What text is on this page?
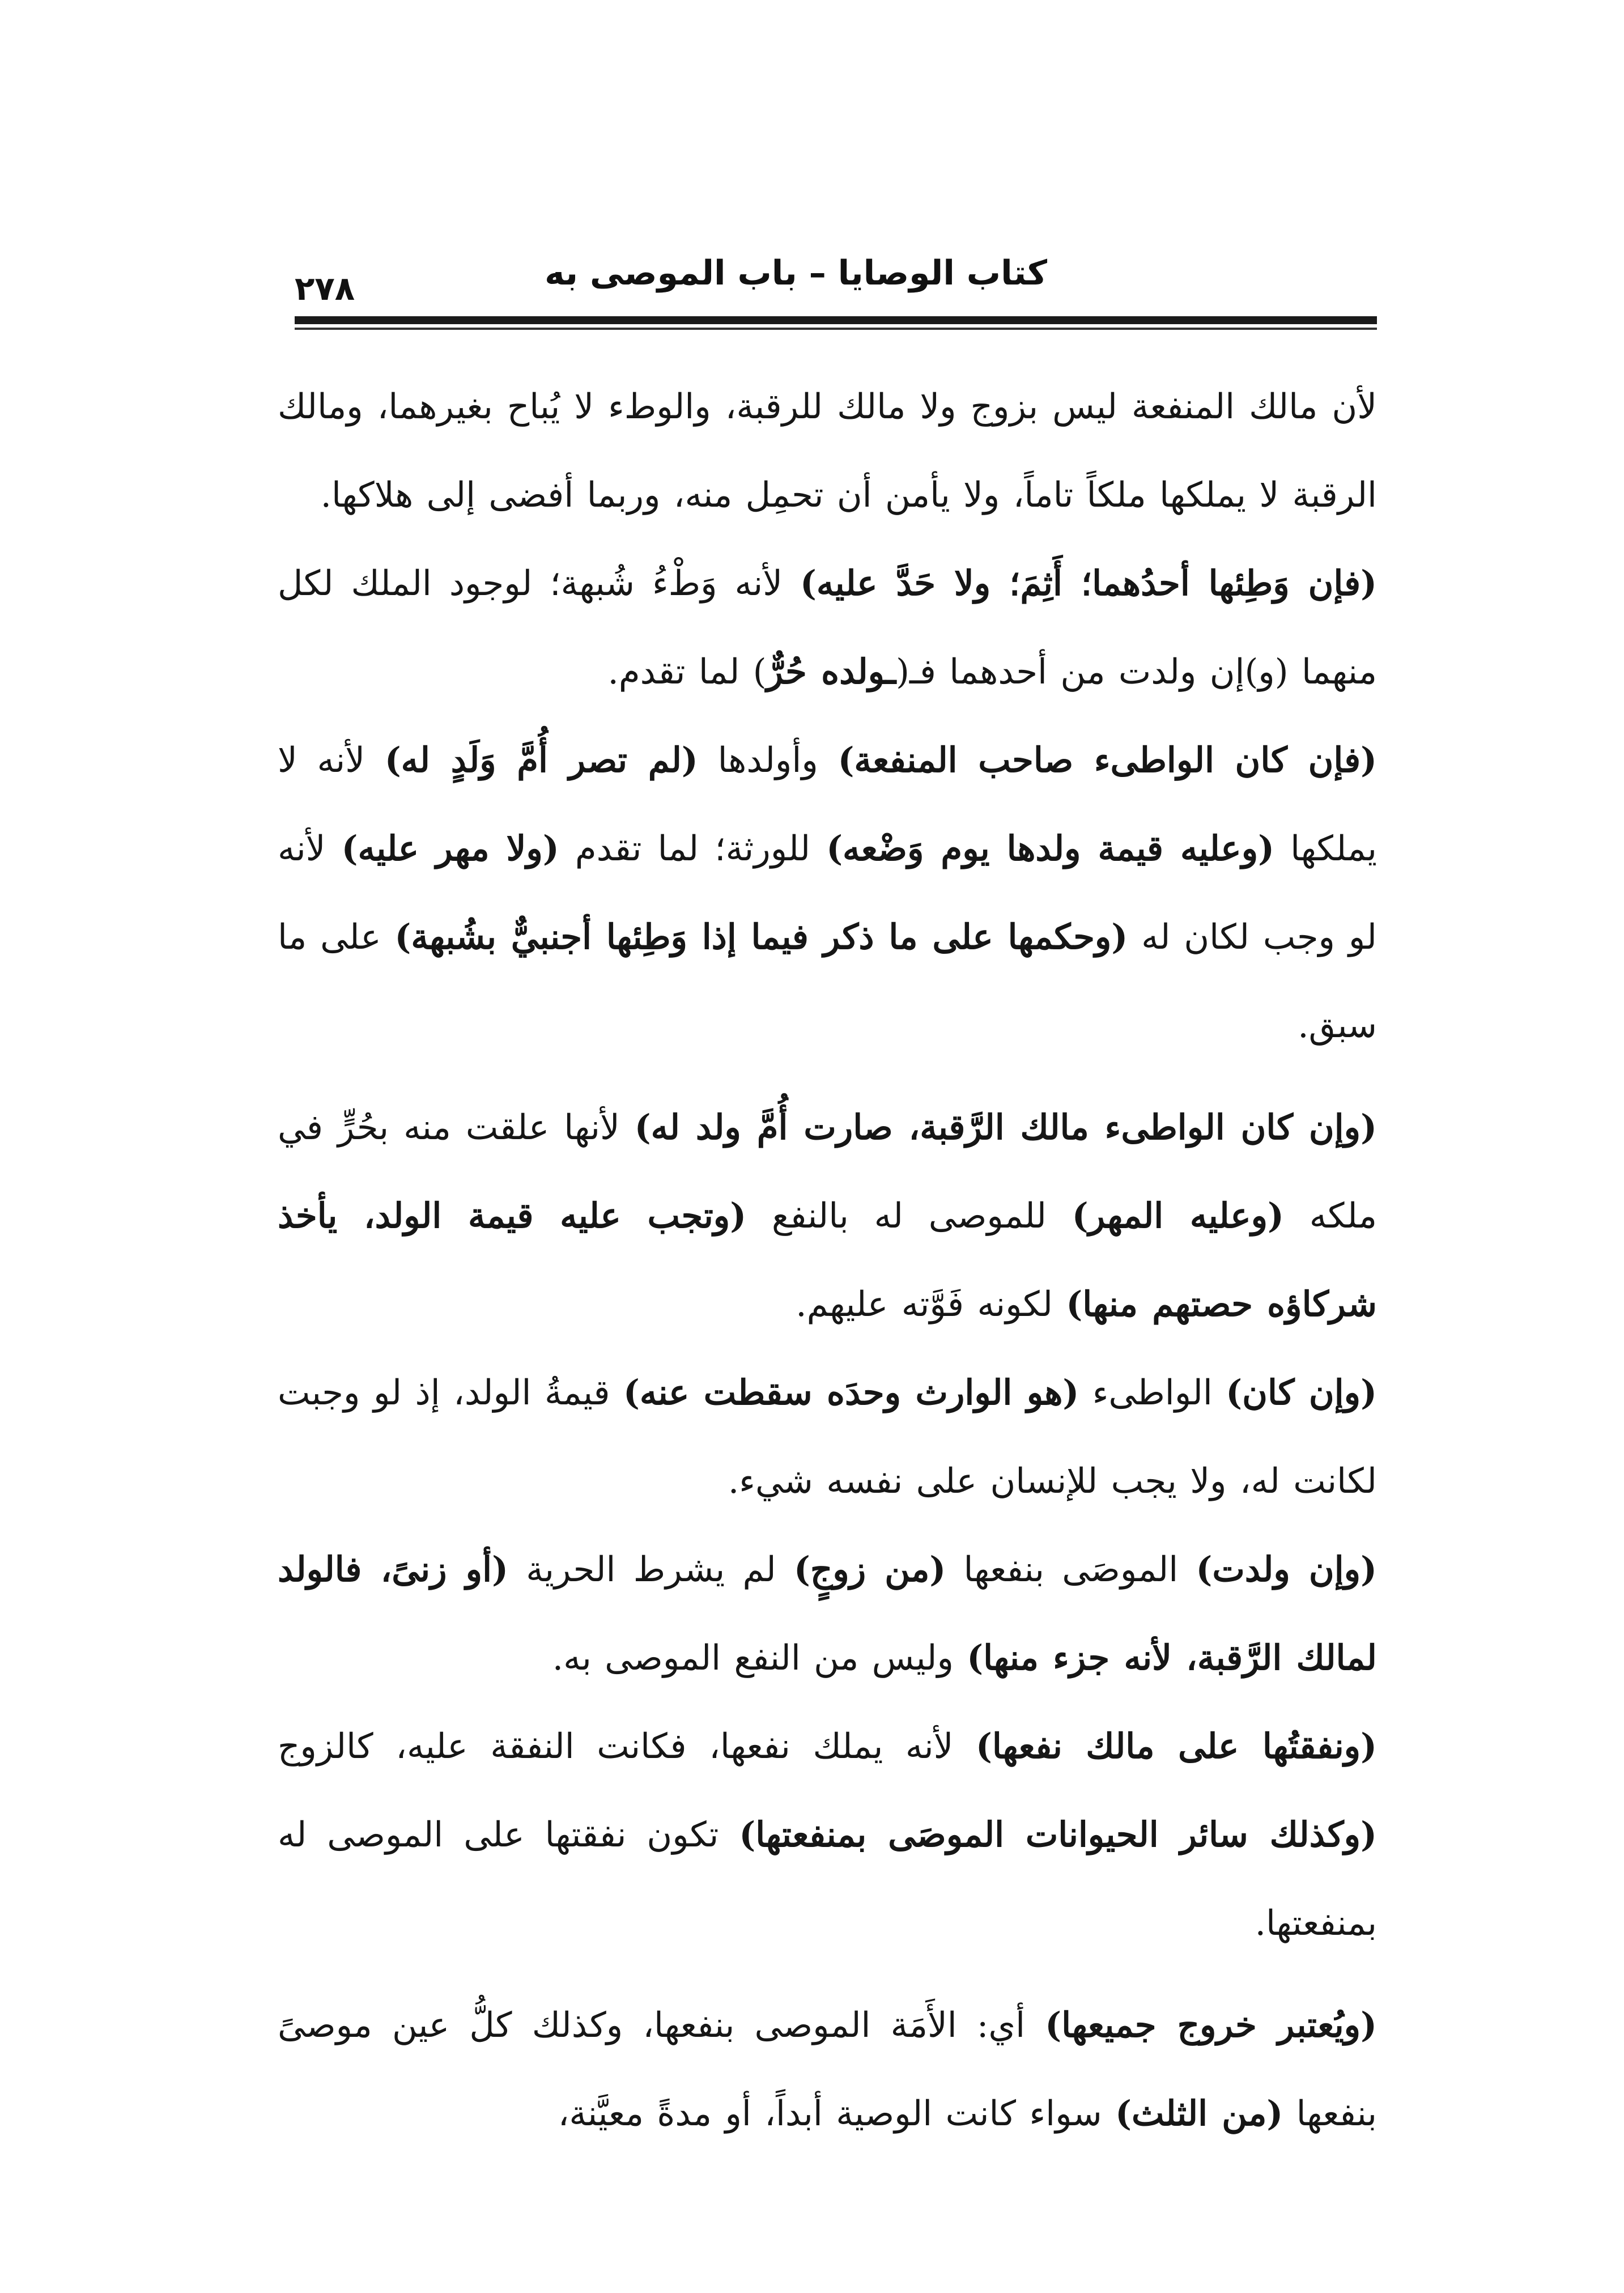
كتاب الوصايا – باب الموصى به
٢٧٨

لأن مالك المنفعة ليس بزوج ولا مالك للرقبة، والوطء لا يُباح بغيرهما، ومالك الرقبة لا يملكها ملكاً تاماً، ولا يأمن أن تحمِل منه، وربما أفضى إلى هلاكها.

(فإن وَطِئها أحدُهما؛ أَثِمَ؛ ولا حَدَّ عليه) لأنه وَطْءُ شُبهة؛ لوجود الملك لكل منهما (و)إن ولدت من أحدهما فـ(ـولده حُرٌّ) لما تقدم.

(فإن كان الواطىء صاحب المنفعة) وأولدها (لم تصر أُمَّ وَلَدٍ له) لأنه لا يملكها (وعليه قيمة ولدها يوم وَضْعه) للورثة؛ لما تقدم (ولا مهر عليه) لأنه لو وجب لكان له (وحكمها على ما ذكر فيما إذا وَطِئها أجنبيٌّ بشُبهة) على ما سبق.

(وإن كان الواطىء مالك الرَّقبة، صارت أُمَّ ولد له) لأنها علقت منه بحُرٍّ في ملكه (وعليه المهر) للموصى له بالنفع (وتجب عليه قيمة الولد، يأخذ شركاؤه حصتهم منها) لكونه فَوَّته عليهم.

(وإن كان) الواطىء (هو الوارث وحدَه سقطت عنه) قيمةُ الولد، إذ لو وجبت لكانت له، ولا يجب للإنسان على نفسه شيء.

(وإن ولدت) الموصَى بنفعها (من زوجٍ) لم يشرط الحرية (أو زنىً، فالولد لمالك الرَّقبة، لأنه جزء منها) وليس من النفع الموصى به.

(ونفقتُها على مالك نفعها) لأنه يملك نفعها، فكانت النفقة عليه، كالزوج (وكذلك سائر الحيوانات الموصَى بمنفعتها) تكون نفقتها على الموصى له بمنفعتها.

(ويُعتبر خروج جميعها) أي: الأَمَة الموصى بنفعها، وكذلك كلُّ عين موصىً بنفعها (من الثلث) سواء كانت الوصية أبداً، أو مدةً معيَّنة،
